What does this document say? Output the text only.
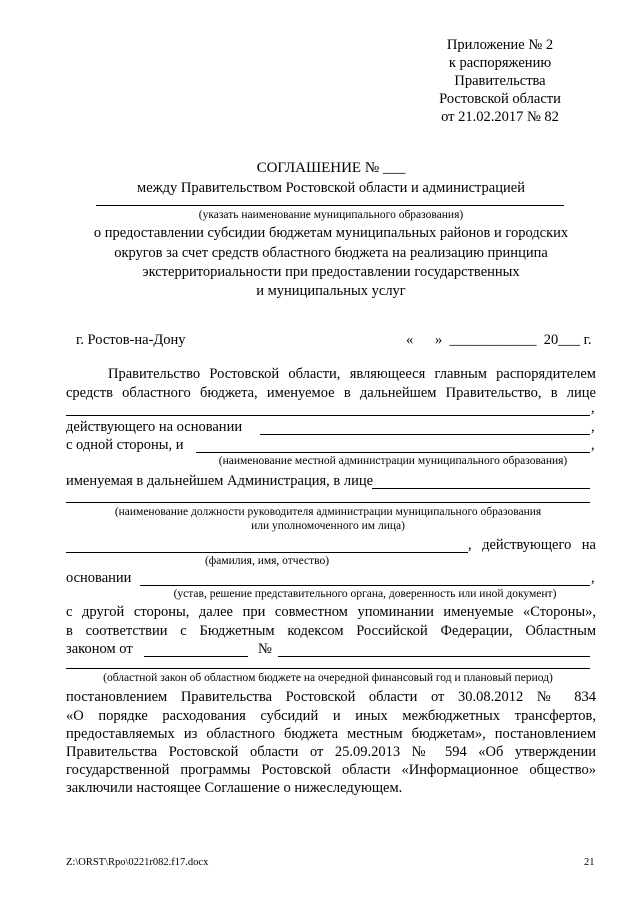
Приложение № 2
к распоряжению
Правительства
Ростовской области
от 21.02.2017 № 82
СОГЛАШЕНИЕ № ___
между Правительством Ростовской области и администрацией
(указать наименование муниципального образования)
о предоставлении субсидии бюджетам муниципальных районов и городских
округов за счет средств областного бюджета на реализацию принципа
экстерриториальности при предоставлении государственных
и муниципальных услуг
г. Ростов-на-Дону	«      »  ____________  20___ г.
Правительство Ростовской области, являющееся главным распорядителем
средств областного бюджета, именуемое в дальнейшем Правительство, в лице
,
действующего на основании	,
с одной стороны, и	,
(наименование местной администрации муниципального образования)
именуемая в дальнейшем Администрация, в лице
(наименование должности руководителя администрации муниципального образования
или уполномоченного им лица)
, действующего на
(фамилия, имя, отчество)
основании	,
(устав, решение представительного органа, доверенность или иной документ)
с другой стороны, далее при совместном упоминании именуемые «Стороны»,
в соответствии с Бюджетным кодексом Российской Федерации, Областным
законом от	№
(областной закон об областном бюджете на очередной финансовый год и плановый период)
постановлением Правительства Ростовской области от 30.08.2012 № 834
«О порядке расходования субсидий и иных межбюджетных трансфертов,
предоставляемых из областного бюджета местным бюджетам», постановлением
Правительства Ростовской области от 25.09.2013 № 594 «Об утверждении
государственной программы Ростовской области «Информационное общество»
заключили настоящее Соглашение о нижеследующем.
Z:\ORST\Rpo\0221r082.f17.docx	21
